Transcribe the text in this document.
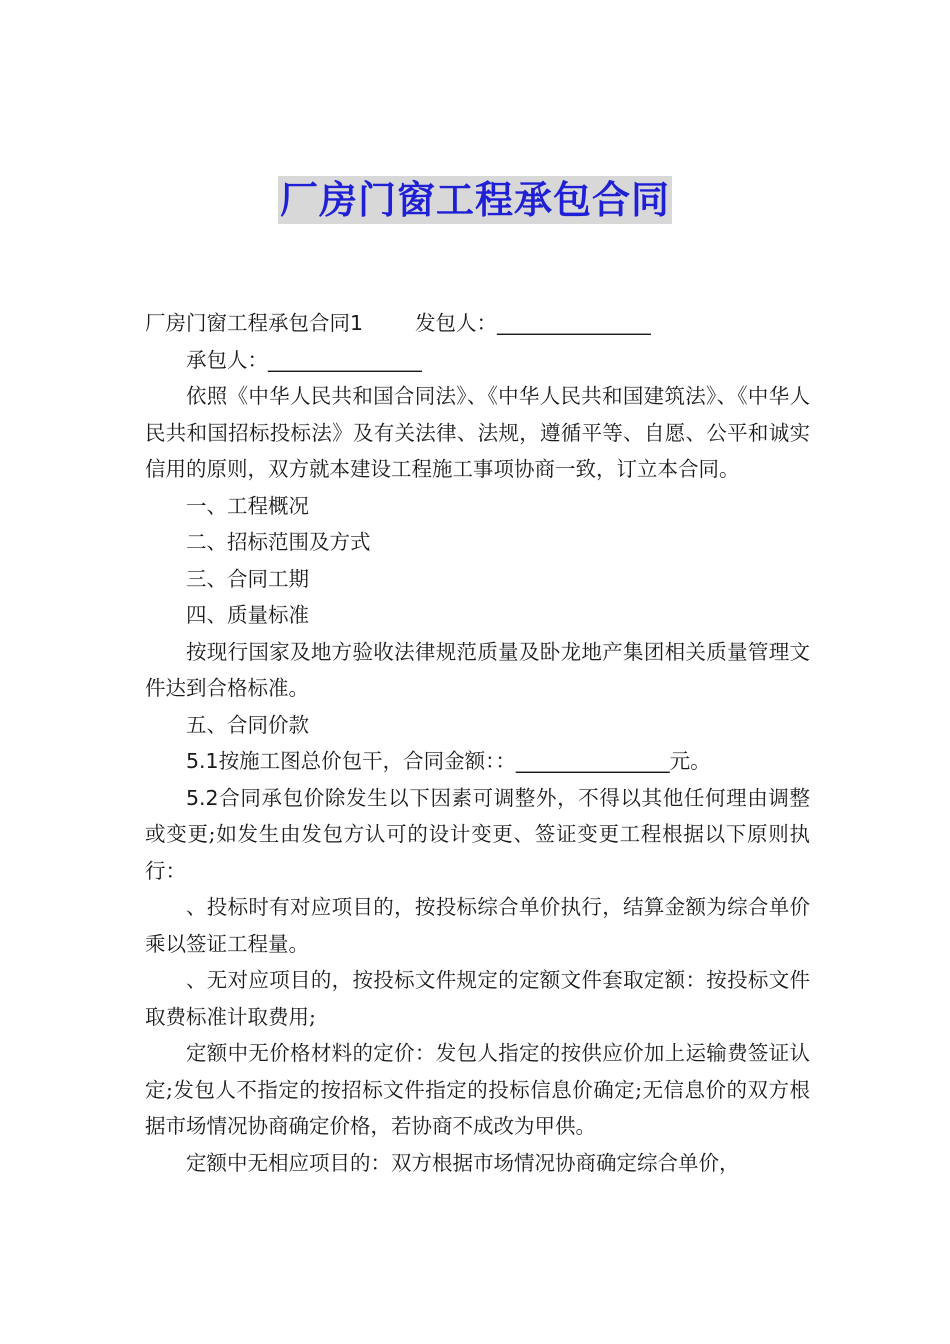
厂房门窗工程承包合同

厂房门窗工程承包合同1	发包人：_______________

承包人：_______________

依照《中华人民共和国合同法》、《中华人民共和国建筑法》、《中华人民共和国招标投标法》及有关法律、法规，遵循平等、自愿、公平和诚实信用的原则，双方就本建设工程施工事项协商一致，订立本合同。

一、工程概况

二、招标范围及方式

三、合同工期

四、质量标准

按现行国家及地方验收法律规范质量及卧龙地产集团相关质量管理文件达到合格标准。

五、合同价款

5.1按施工图总价包干，合同金额：：_______________元。

5.2合同承包价除发生以下因素可调整外，不得以其他任何理由调整或变更;如发生由发包方认可的设计变更、签证变更工程根据以下原则执行：

、投标时有对应项目的，按投标综合单价执行，结算金额为综合单价乘以签证工程量。

、无对应项目的，按投标文件规定的定额文件套取定额：按投标文件取费标准计取费用;

定额中无价格材料的定价：发包人指定的按供应价加上运输费签证认定;发包人不指定的按招标文件指定的投标信息价确定;无信息价的双方根据市场情况协商确定价格，若协商不成改为甲供。

定额中无相应项目的：双方根据市场情况协商确定综合单价，
